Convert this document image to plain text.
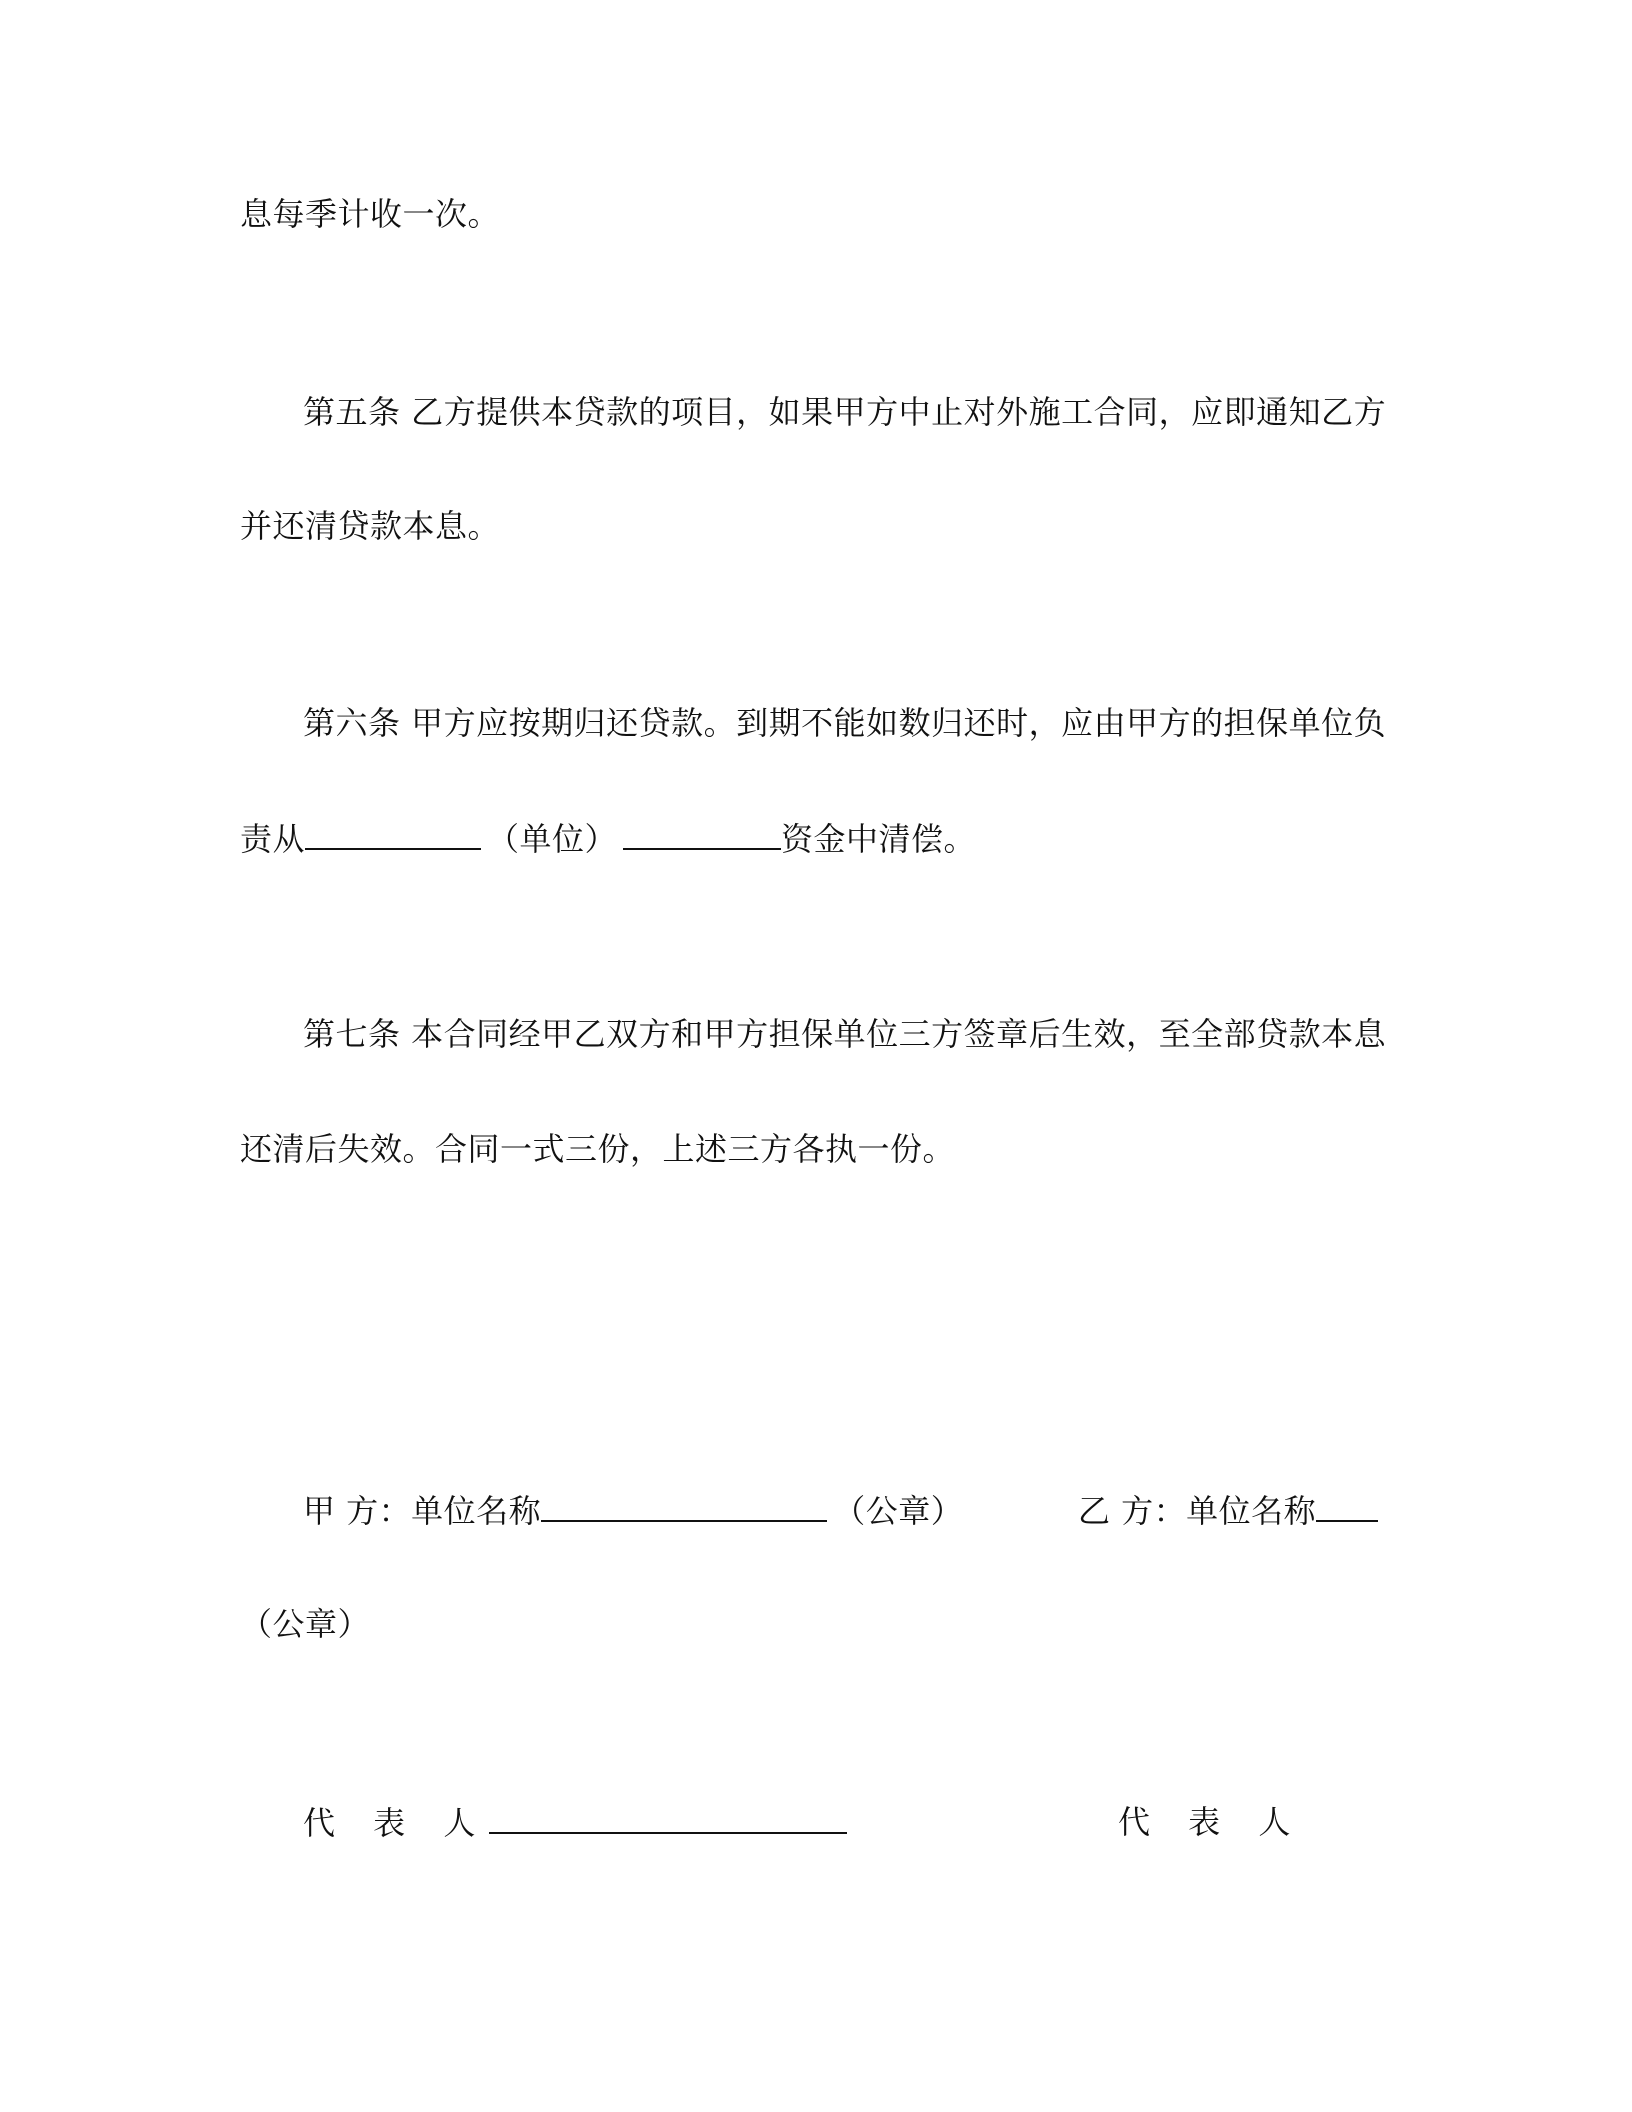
息每季计收一次。
第五条 乙方提供本贷款的项目，如果甲方中止对外施工合同，应即通知乙方
并还清贷款本息。
第六条 甲方应按期归还贷款。到期不能如数归还时，应由甲方的担保单位负
责从	（单位）	资金中清偿。
第七条 本合同经甲乙双方和甲方担保单位三方签章后生效，至全部贷款本息
还清后失效。合同一式三份，上述三方各执一份。
甲 方：单位名称	（公章）	乙 方：单位名称
（公章）
代 表 人	代 表 人
